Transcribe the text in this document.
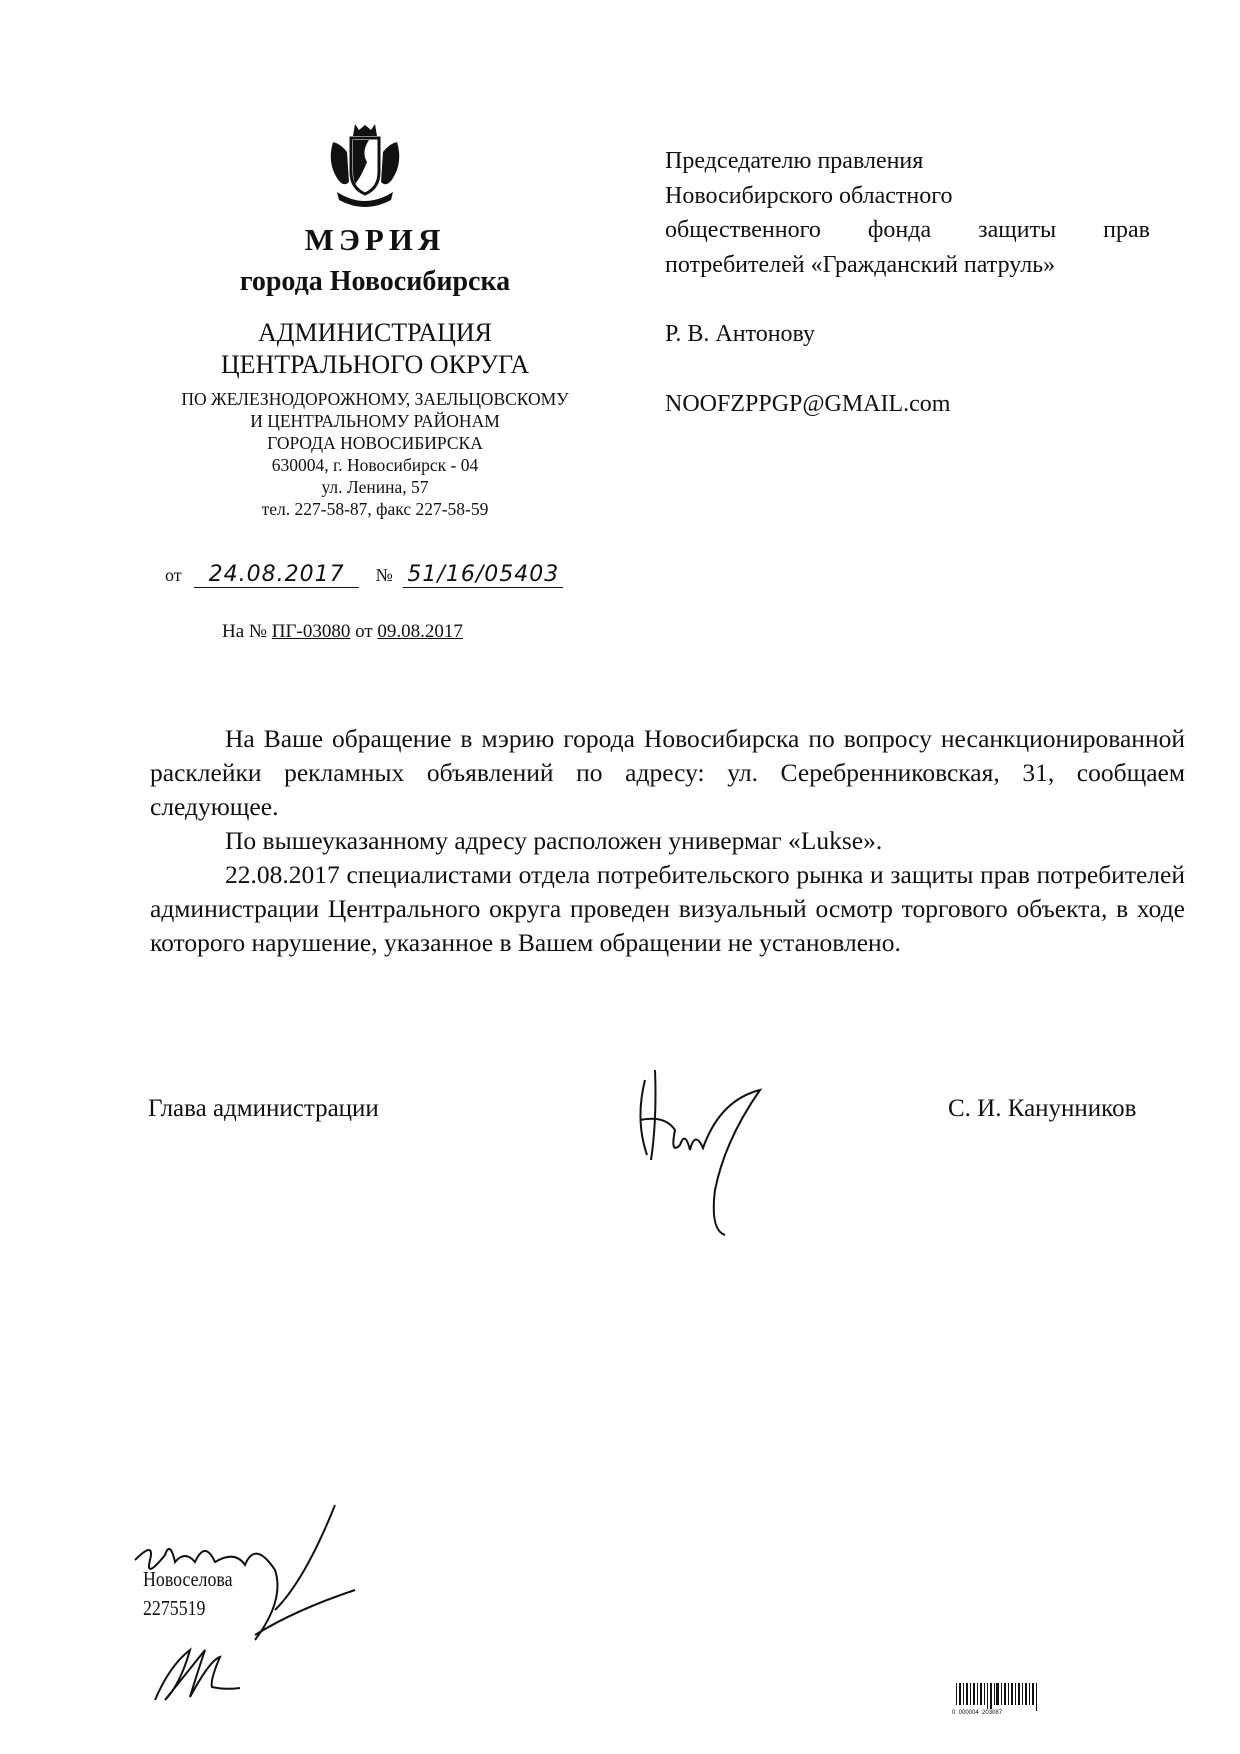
МЭРИЯ
города Новосибирска
АДМИНИСТРАЦИЯ
ЦЕНТРАЛЬНОГО ОКРУГА
ПО ЖЕЛЕЗНОДОРОЖНОМУ, ЗАЕЛЬЦОВСКОМУ
И ЦЕНТРАЛЬНОМУ РАЙОНАМ
ГОРОДА НОВОСИБИРСКА
630004, г. Новосибирск - 04
ул. Ленина, 57
тел. 227-58-87, факс 227-58-59
от 24.08.2017 № 51/16/05403
На № ПГ-03080 от 09.08.2017
Председателю правления
Новосибирского областного
общественного фонда защиты прав
потребителей «Гражданский патруль»
Р. В. Антонову
NOOFZPPGP@GMAIL.com

На Ваше обращение в мэрию города Новосибирска по вопросу несанкционированной расклейки рекламных объявлений по адресу: ул. Серебренниковская, 31, сообщаем следующее.

По вышеуказанному адресу расположен универмаг «Lukse».

22.08.2017 специалистами отдела потребительского рынка и защиты прав потребителей администрации Центрального округа проведен визуальный осмотр торгового объекта, в ходе которого нарушение, указанное в Вашем обращении не установлено.

Глава администрации	С. И. Канунников
Новоселова
2275519
0  000004  203087
